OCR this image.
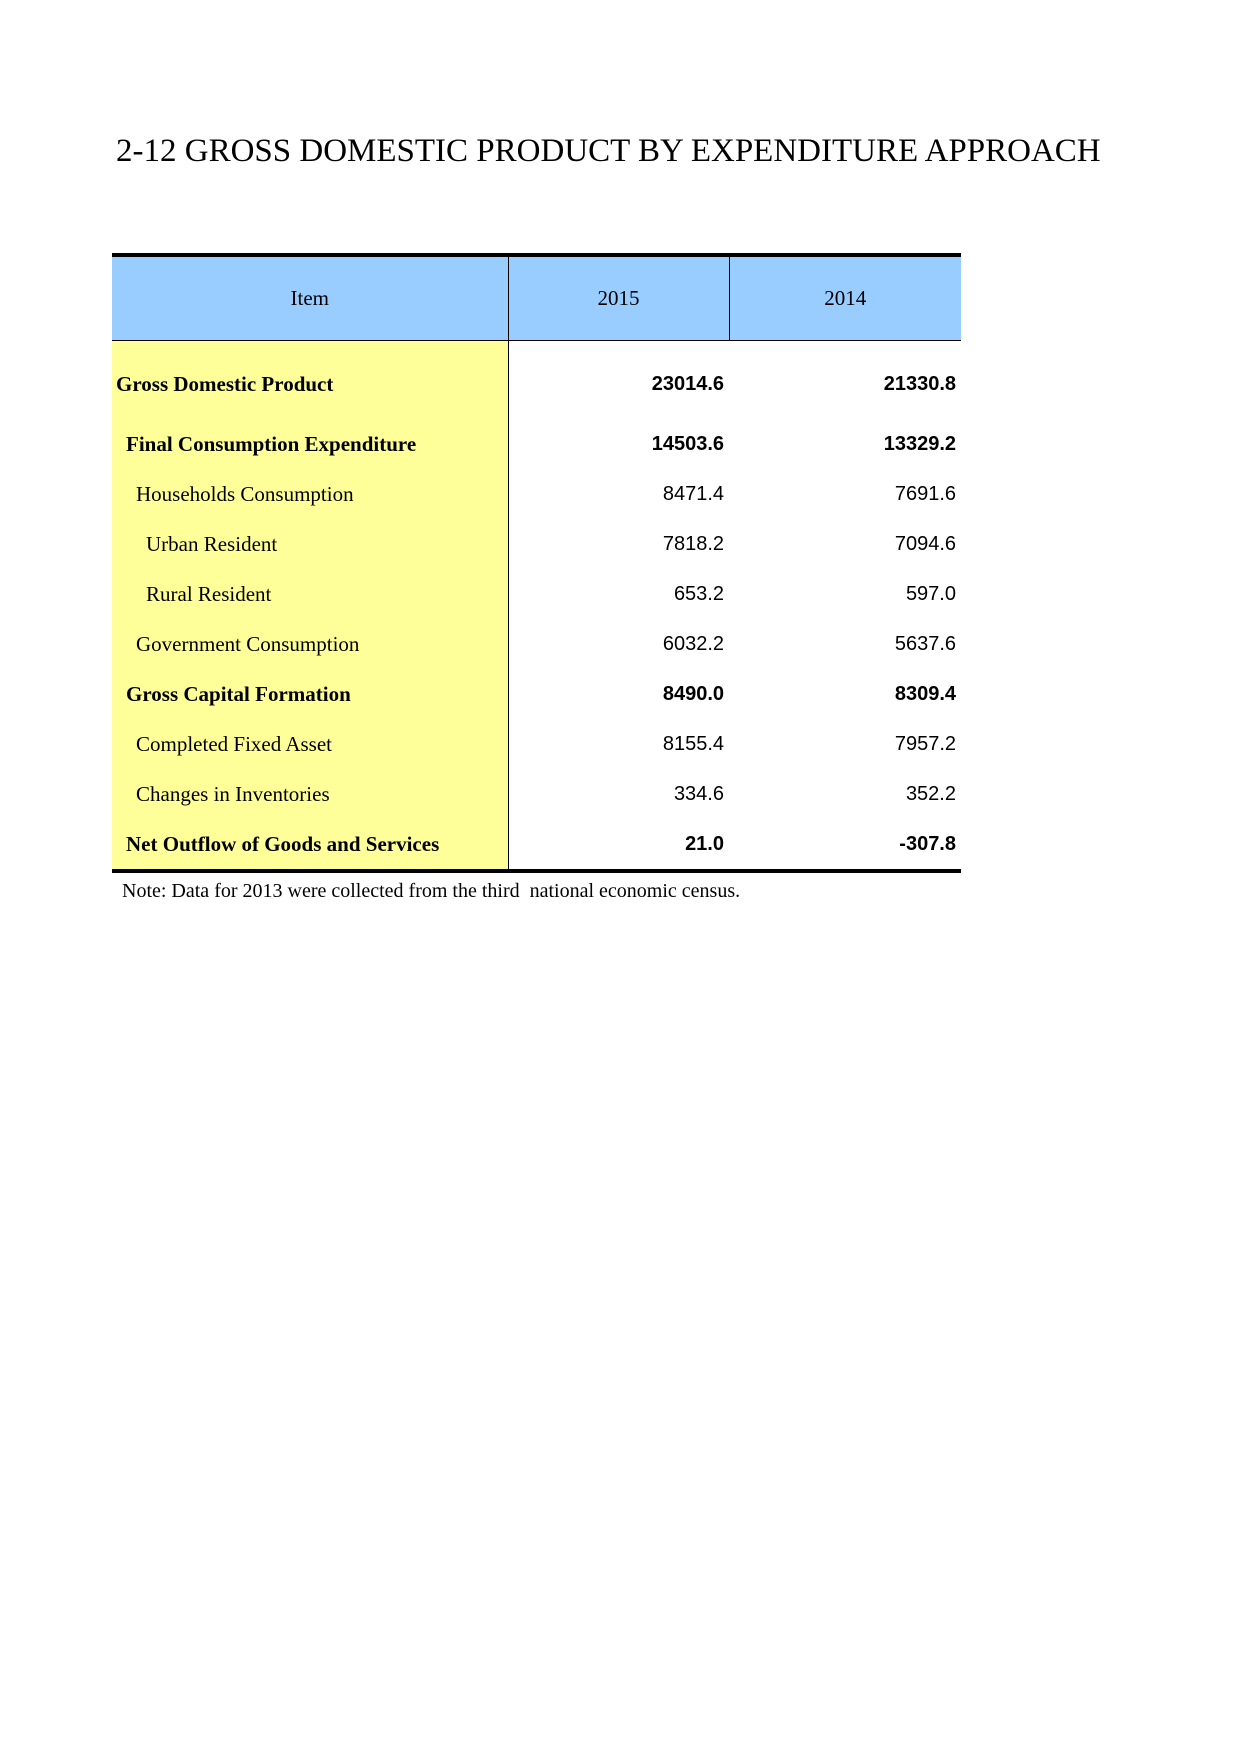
2-12 GROSS DOMESTIC PRODUCT BY EXPENDITURE APPROACH
Item	2015	2014
Gross Domestic Product	23014.6	21330.8
Final Consumption Expenditure	14503.6	13329.2
Households Consumption	8471.4	7691.6
Urban Resident	7818.2	7094.6
Rural Resident	653.2	597.0
Government Consumption	6032.2	5637.6
Gross Capital Formation	8490.0	8309.4
Completed Fixed Asset	8155.4	7957.2
Changes in Inventories	334.6	352.2
Net Outflow of Goods and Services	21.0	-307.8
Note: Data for 2013 were collected from the third  national economic census.
